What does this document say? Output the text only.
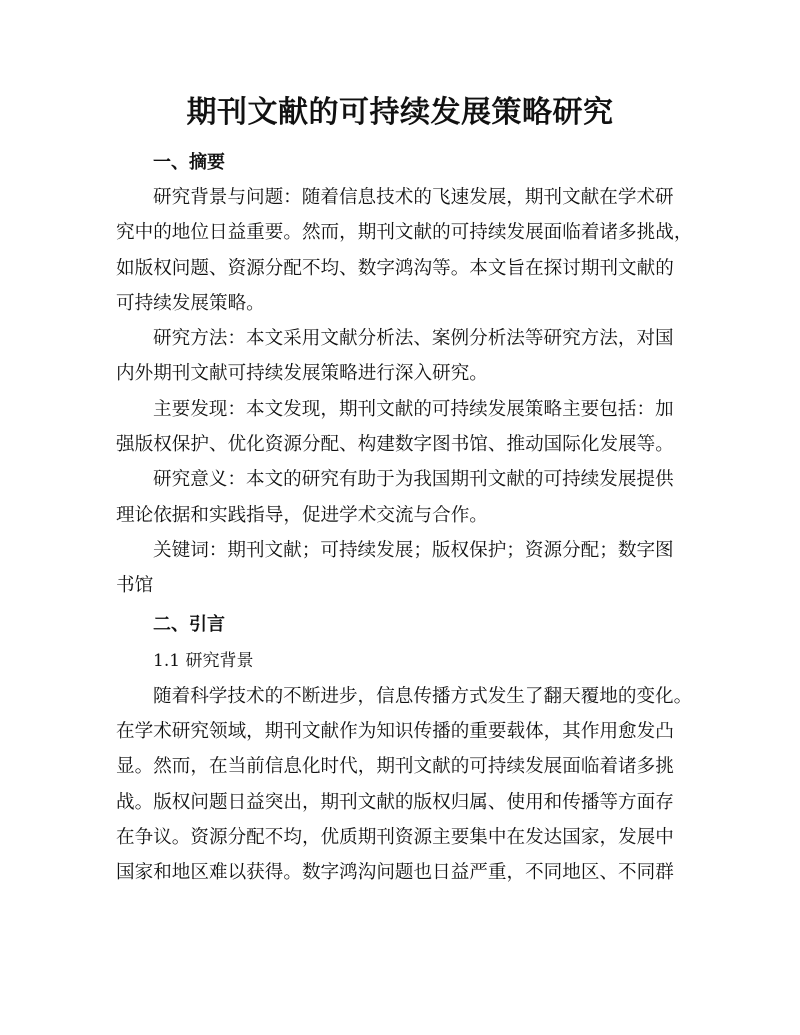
期刊文献的可持续发展策略研究
一、摘要
研究背景与问题：随着信息技术的飞速发展，期刊文献在学术研
究中的地位日益重要。然而，期刊文献的可持续发展面临着诸多挑战，
如版权问题、资源分配不均、数字鸿沟等。本文旨在探讨期刊文献的
可持续发展策略。
研究方法：本文采用文献分析法、案例分析法等研究方法，对国
内外期刊文献可持续发展策略进行深入研究。
主要发现：本文发现，期刊文献的可持续发展策略主要包括：加
强版权保护、优化资源分配、构建数字图书馆、推动国际化发展等。
研究意义：本文的研究有助于为我国期刊文献的可持续发展提供
理论依据和实践指导，促进学术交流与合作。
关键词：期刊文献；可持续发展；版权保护；资源分配；数字图
书馆
二、引言
1.1 研究背景
随着科学技术的不断进步，信息传播方式发生了翻天覆地的变化。
在学术研究领域，期刊文献作为知识传播的重要载体，其作用愈发凸
显。然而，在当前信息化时代，期刊文献的可持续发展面临着诸多挑
战。版权问题日益突出，期刊文献的版权归属、使用和传播等方面存
在争议。资源分配不均，优质期刊资源主要集中在发达国家，发展中
国家和地区难以获得。数字鸿沟问题也日益严重，不同地区、不同群
